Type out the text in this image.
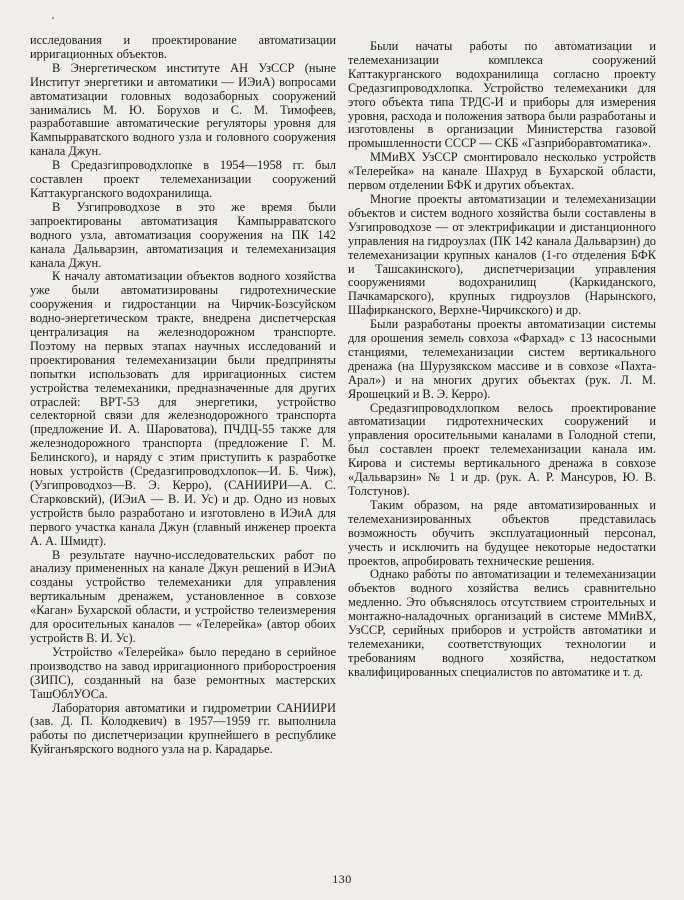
исследования и проектирование автоматизации ирригационных объектов.

В Энергетическом институте АН УзССР (ныне Институт энергетики и автоматики — ИЭиА) вопросами автоматизации головных водозаборных сооружений занимались М. Ю. Борухов и С. М. Тимофеев, разработавшие автоматические регуляторы уровня для Кампырраватского водного узла и головного сооружения канала Джун.

В Средазгипроводхлопке в 1954—1958 гг. был составлен проект телемеханизации сооружений Каттакурганского водохранилища.

В Узгипроводхозе в это же время были запроектированы автоматизация Кампырраватского водного узла, автоматизация сооружения на ПК 142 канала Дальварзин, автоматизация и телемеханизация канала Джун.

К началу автоматизации объектов водного хозяйства уже были автоматизированы гидротехнические сооружения и гидростанции на Чирчик-Бозсуйском водно-энергетическом тракте, внедрена диспетчерская централизация на железнодорожном транспорте. Поэтому на первых этапах научных исследований и проектирования телемеханизации были предприняты попытки использовать для ирригационных систем устройства телемеханики, предназначенные для других отраслей: ВРТ-53 для энергетики, устройство селекторной связи для железнодорожного транспорта (предложение И. А. Шароватова), ПЧДЦ-55 также для железнодорожного транспорта (предложение Г. М. Белинского), и наряду с этим приступить к разработке новых устройств (Средазгипроводхлопок—И. Б. Чиж), (Узгипроводхоз—В. Э. Керро), (САНИИРИ—А. С. Старковский), (ИЭиА — В. И. Ус) и др. Одно из новых устройств было разработано и изготовлено в ИЭиА для первого участка канала Джун (главный инженер проекта А. А. Шмидт).

В результате научно-исследовательских работ по анализу примененных на канале Джун решений в ИЭиА созданы устройство телемеханики для управления вертикальным дренажем, установленное в совхозе «Каган» Бухарской области, и устройство телеизмерения для оросительных каналов — «Телерейка» (автор обоих устройств В. И. Ус).

Устройство «Телерейка» было передано в серийное производство на завод ирригационного приборостроения (ЗИПС), созданный на базе ремонтных мастерских ТашОблУОСа.

Лаборатория автоматики и гидрометрии САНИИРИ (зав. Д. П. Колодкевич) в 1957—1959 гг. выполнила работы по диспетчеризации крупнейшего в республике Куйганъярского водного узла на р. Карадарье.

Были начаты работы по автоматизации и телемеханизации комплекса сооружений Каттакурганского водохранилища согласно проекту Средазгипроводхлопка. Устройство телемеханики для этого объекта типа ТРДС-И и приборы для измерения уровня, расхода и положения затвора были разработаны и изготовлены в организации Министерства газовой промышленности СССР — СКБ «Газприборавтоматика».

ММиВХ УзССР смонтировало несколько устройств «Телерейка» на канале Шахруд в Бухарской области, первом отделении БФК и других объектах.

Многие проекты автоматизации и телемеханизации объектов и систем водного хозяйства были составлены в Узгипроводхозе — от электрификации и дистанционного управления на гидроузлах (ПК 142 канала Дальварзин) до телемеханизации крупных каналов (1-го отделения БФК и Ташсакинского), диспетчеризации управления сооружениями водохранилищ (Каркиданского, Пачкамарского), крупных гидроузлов (Нарынского, Шафирканского, Верхне-Чирчикского) и др.

Были разработаны проекты автоматизации системы для орошения земель совхоза «Фархад» с 13 насосными станциями, телемеханизации систем вертикального дренажа (на Шурузякском массиве и в совхозе «Пахта-Арал») и на многих других объектах (рук. Л. М. Ярошецкий и В. Э. Керро).

Средазгипроводхлопком велось проектирование автоматизации гидротехнических сооружений и управления оросительными каналами в Голодной степи, был составлен проект телемеханизации канала им. Кирова и системы вертикального дренажа в совхозе «Дальварзин» № 1 и др. (рук. А. Р. Мансуров, Ю. В. Толстунов).

Таким образом, на ряде автоматизированных и телемеханизированных объектов представилась возможность обучить эксплуатационный персонал, учесть и исключить на будущее некоторые недостатки проектов, апробировать технические решения.

Однако работы по автоматизации и телемеханизации объектов водного хозяйства велись сравнительно медленно. Это объяснялось отсутствием строительных и монтажно-наладочных организаций в системе ММиВХ, УзССР, серийных приборов и устройств автоматики и телемеханики, соответствующих технологии и требованиям водного хозяйства, недостатком квалифицированных специалистов по автоматике и т. д.

130
